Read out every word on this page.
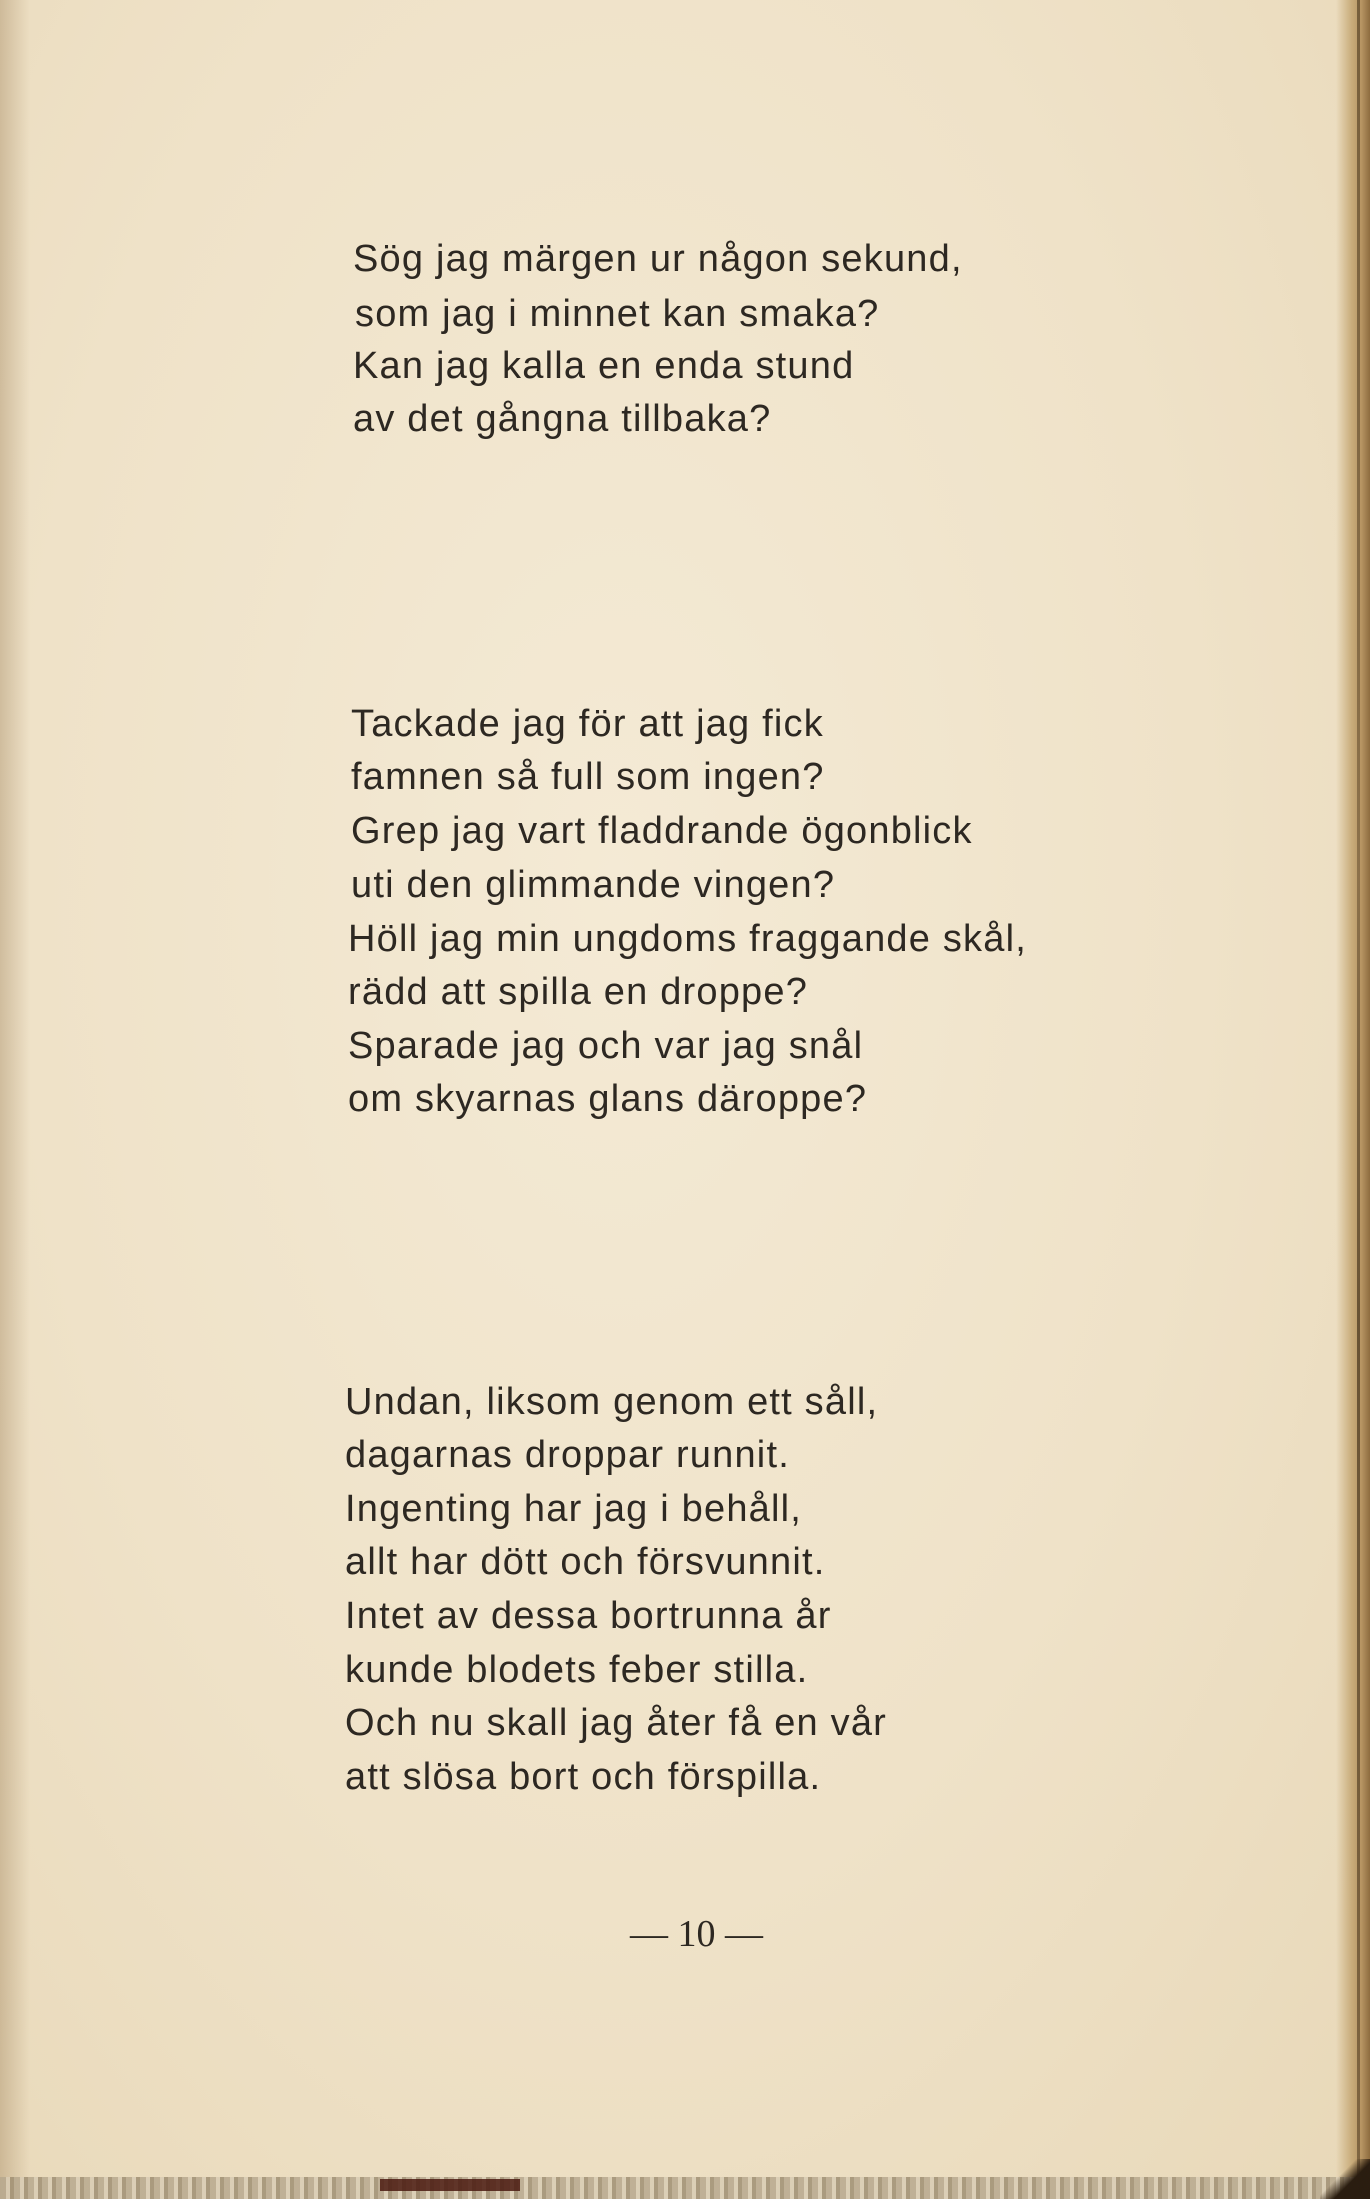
Sög jag märgen ur någon sekund,
som jag i minnet kan smaka?
Kan jag kalla en enda stund
av det gångna tillbaka?
Tackade jag för att jag fick
famnen så full som ingen?
Grep jag vart fladdrande ögonblick
uti den glimmande vingen?
Höll jag min ungdoms fraggande skål,
rädd att spilla en droppe?
Sparade jag och var jag snål
om skyarnas glans däroppe?
Undan, liksom genom ett såll,
dagarnas droppar runnit.
Ingenting har jag i behåll,
allt har dött och försvunnit.
Intet av dessa bortrunna år
kunde blodets feber stilla.
Och nu skall jag åter få en vår
att slösa bort och förspilla.
— 10 —
